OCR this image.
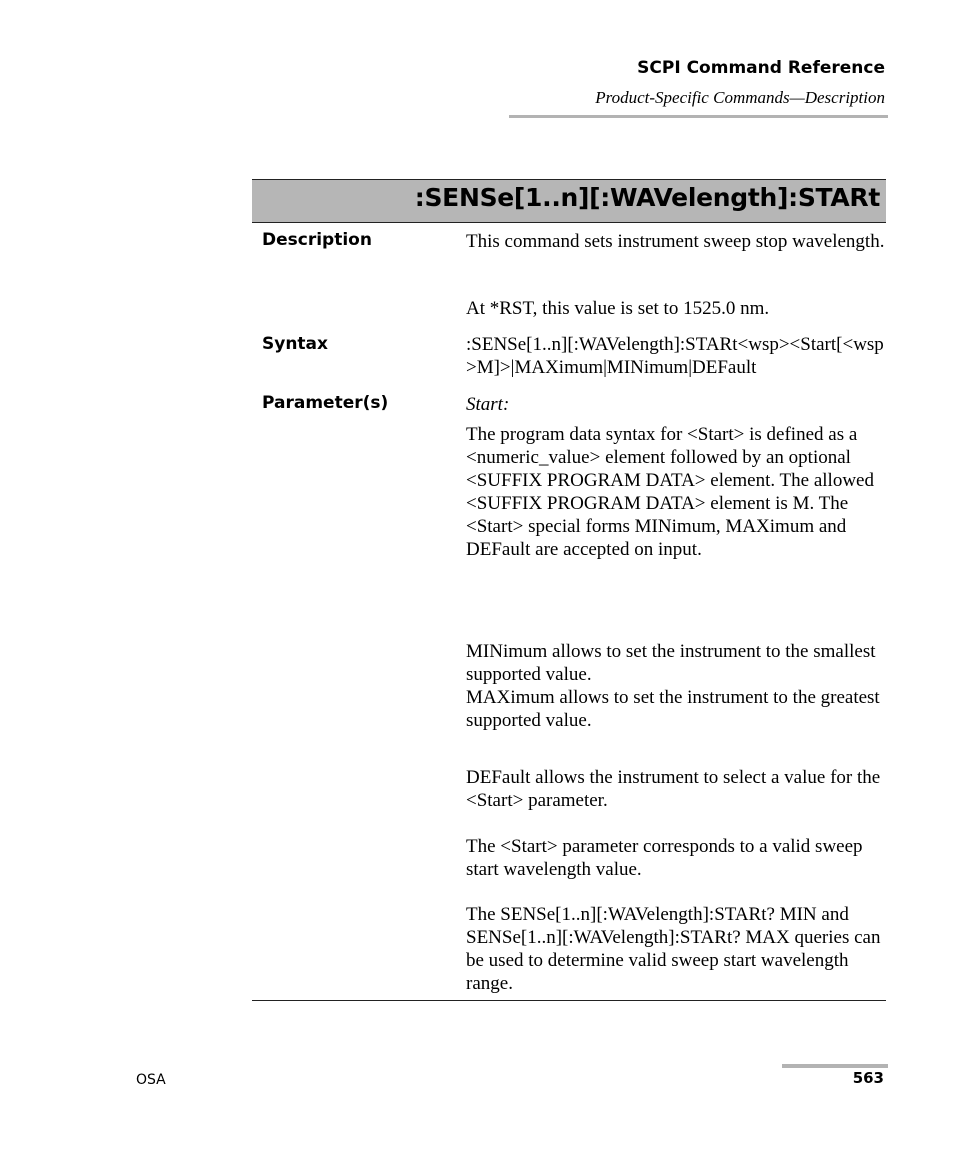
SCPI Command Reference
Product-Specific Commands—Description
:SENSe[1..n][:WAVelength]:STARt
Description	This command sets instrument sweep stop wavelength.

At *RST, this value is set to 1525.0 nm.

Syntax	:SENSe[1..n][:WAVelength]:STARt<wsp><Start[<wsp>M]>|MAXimum|MINimum|DEFault

Parameter(s)	Start:

The program data syntax for <Start> is defined as a <numeric_value> element followed by an optional <SUFFIX PROGRAM DATA> element. The allowed <SUFFIX PROGRAM DATA> element is M. The <Start> special forms MINimum, MAXimum and DEFault are accepted on input.

MINimum allows to set the instrument to the smallest supported value.

MAXimum allows to set the instrument to the greatest supported value.

DEFault allows the instrument to select a value for the <Start> parameter.

The <Start> parameter corresponds to a valid sweep start wavelength value.

The SENSe[1..n][:WAVelength]:STARt? MIN and SENSe[1..n][:WAVelength]:STARt? MAX queries can be used to determine valid sweep start wavelength range.

OSA	563
